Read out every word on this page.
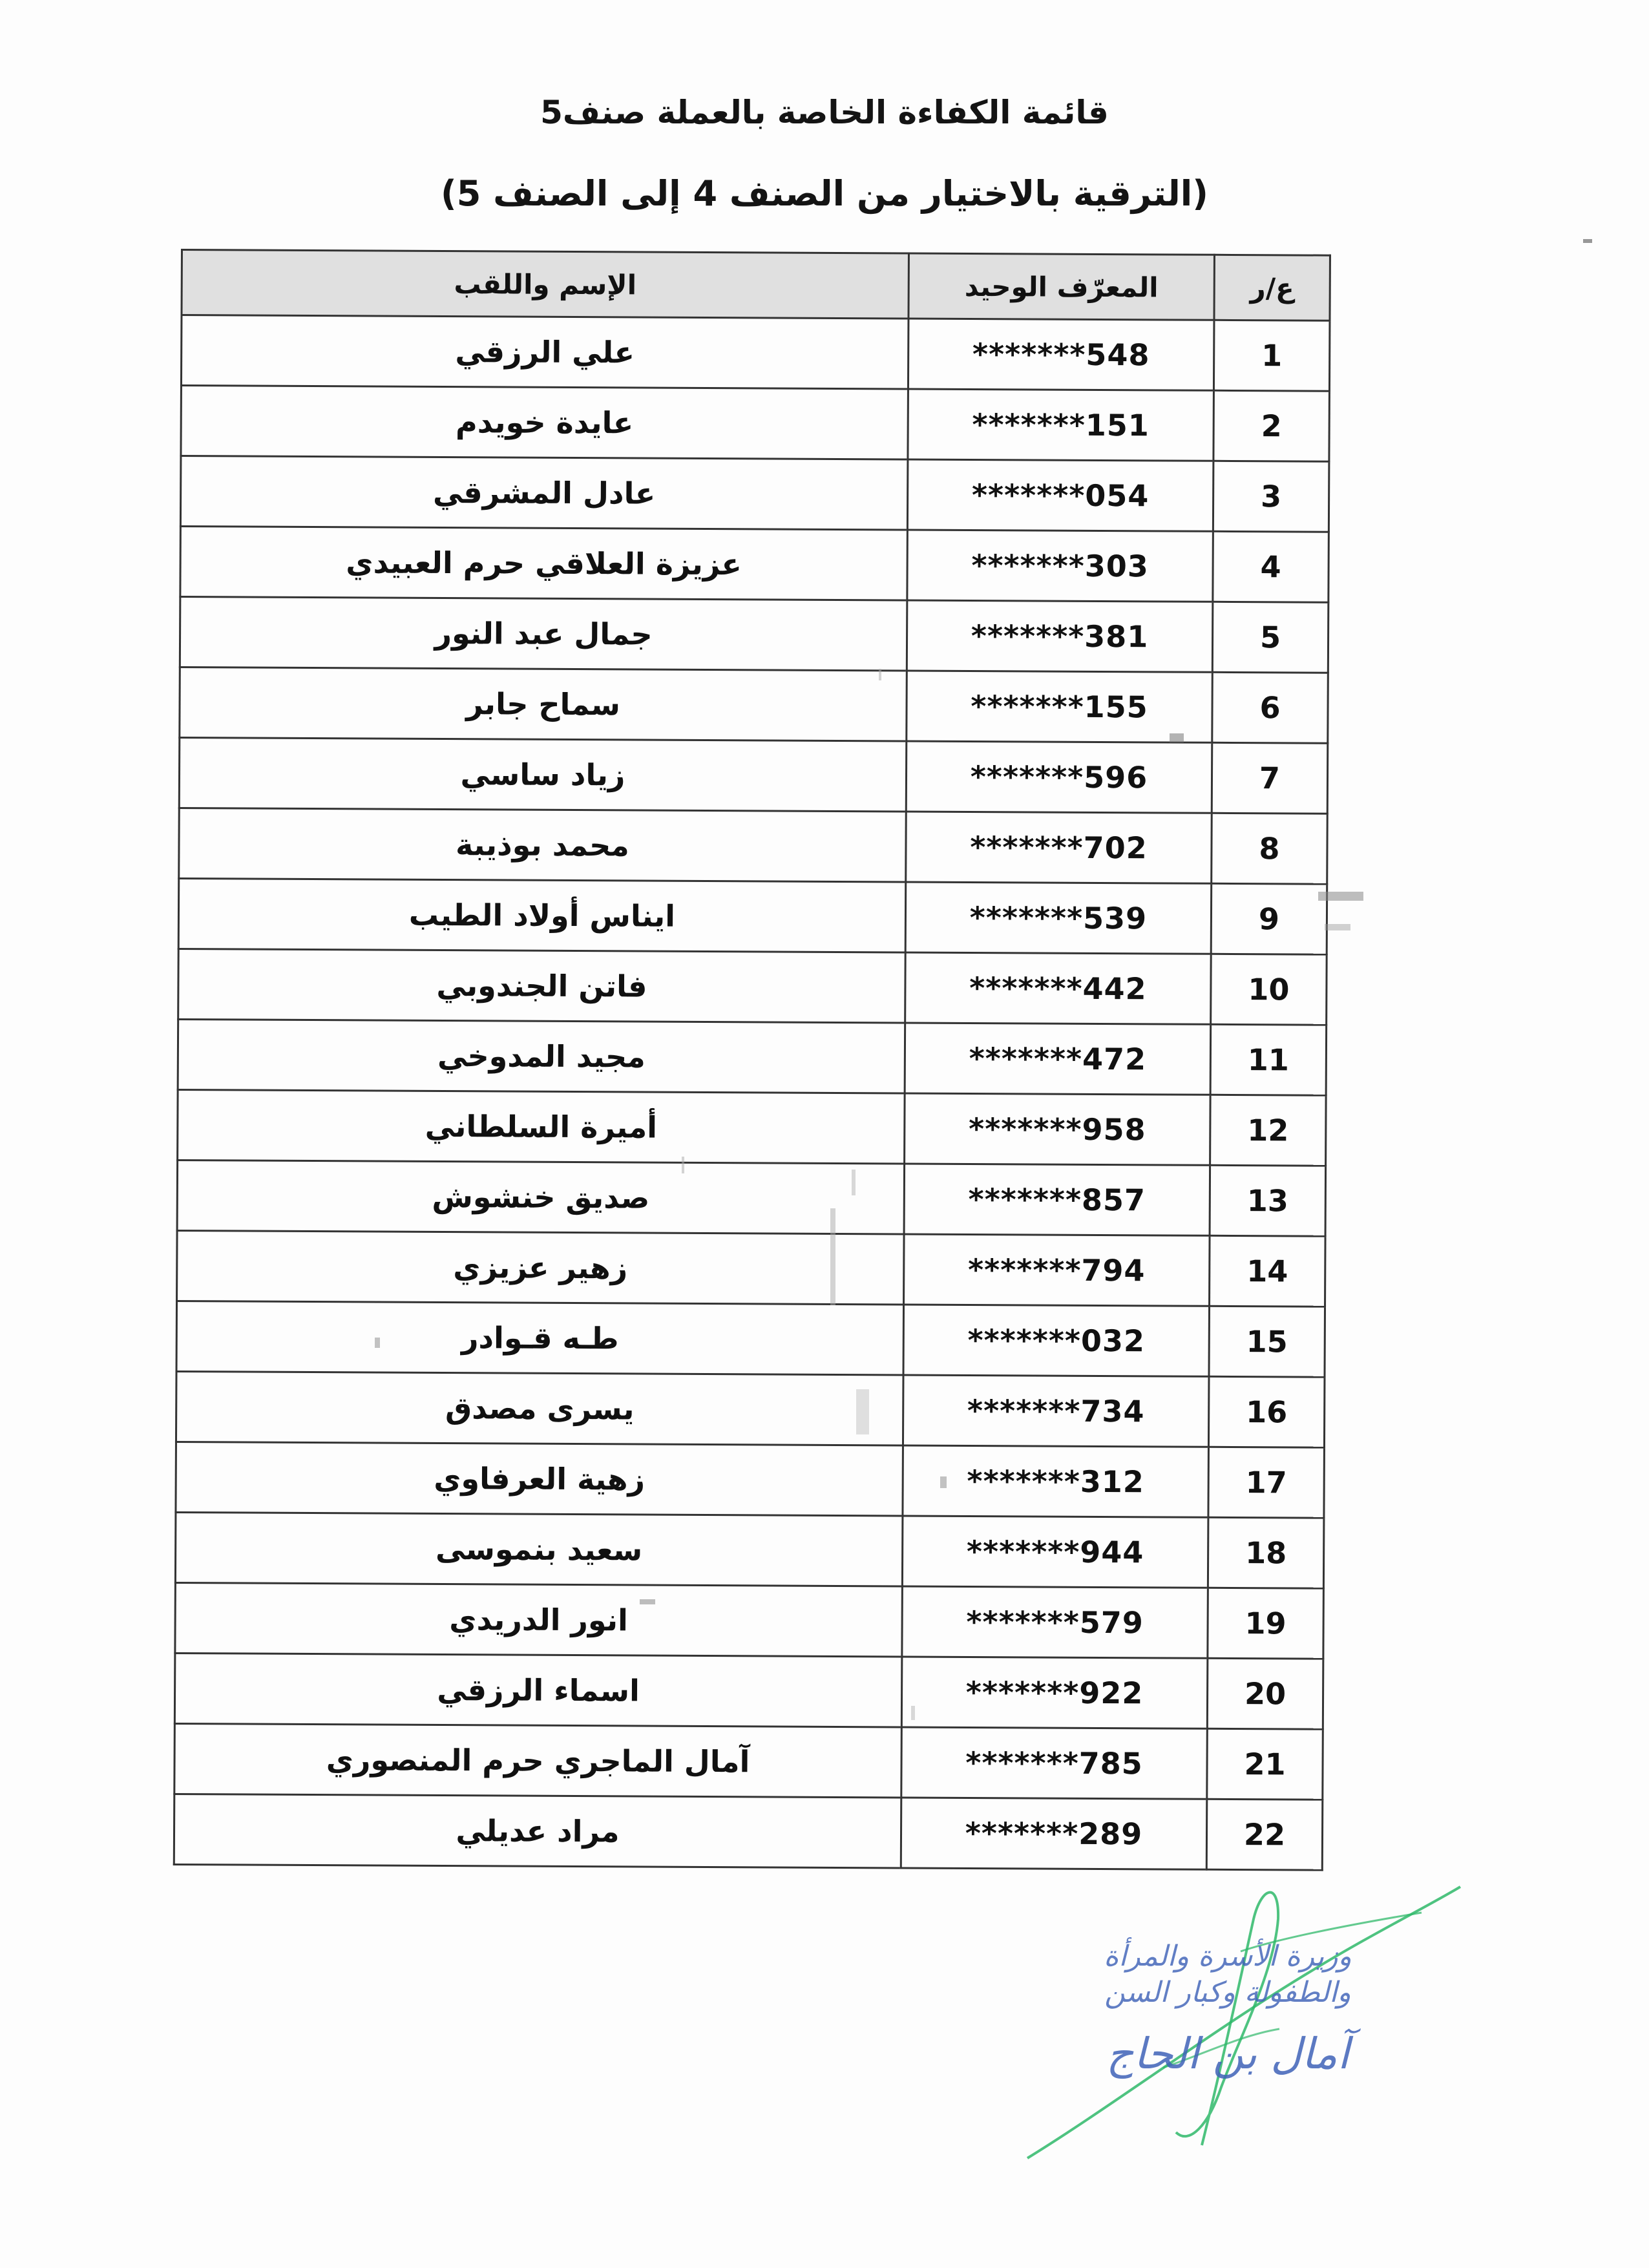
قائمة الكفاءة الخاصة بالعملة صنف5
(الترقية بالاختيار من الصنف 4 إلى الصنف 5)
ع/ر	المعرّف الوحيد	الإسم واللقب
1	*******548	علي الرزقي
2	*******151	عايدة خويدم
3	*******054	عادل المشرقي
4	*******303	عزيزة العلاقي حرم العبيدي
5	*******381	جمال عبد النور
6	*******155	سماح جابر
7	*******596	زياد ساسي
8	*******702	محمد بوذيبة
9	*******539	ايناس أولاد الطيب
10	*******442	فاتن الجندوبي
11	*******472	مجيد المدوخي
12	*******958	أميرة السلطاني
13	*******857	صديق خنشوش
14	*******794	زهير عزيزي
15	*******032	طـه قـوادر
16	*******734	يسرى مصدق
17	*******312	زهية العرفاوي
18	*******944	سعيد بنموسى
19	*******579	انور الدريدي
20	*******922	اسماء الرزقي
21	*******785	آمال الماجري حرم المنصوري
22	*******289	مراد عديلي
وزيرة الأسرة والمرأة
والطفولة وكبار السن
آمال بن الحاج
